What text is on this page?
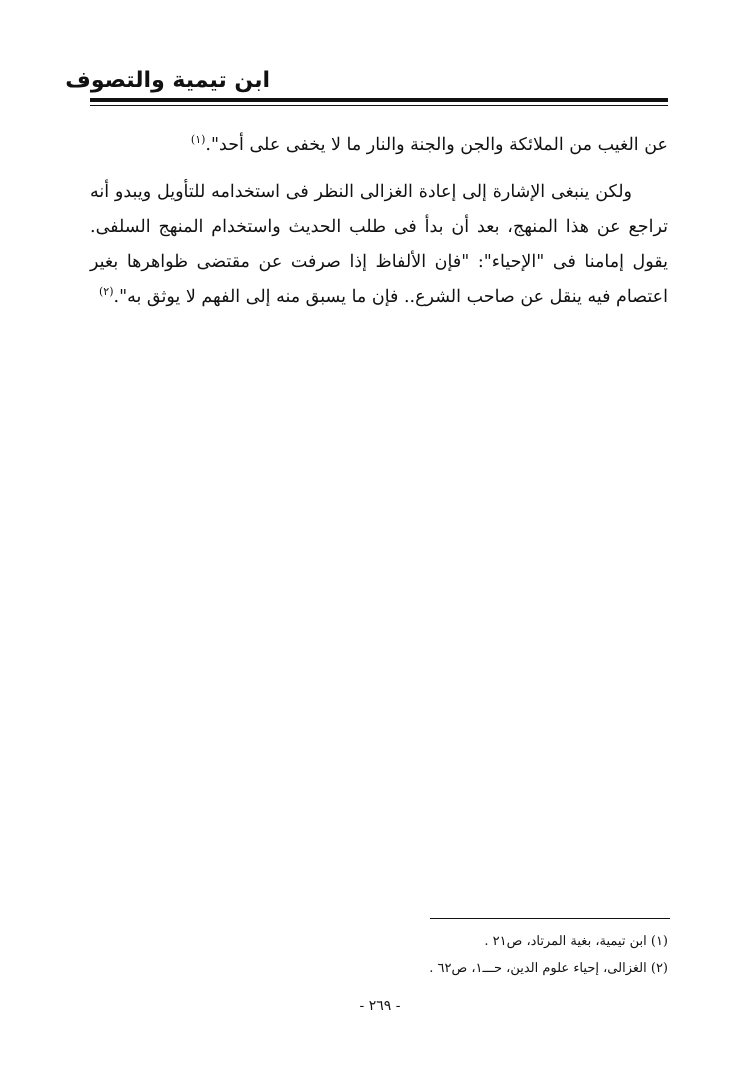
ابن تيمية والتصوف

عن الغيب من الملائكة والجن والجنة والنار ما لا يخفى على أحد".$^{(١)}$

ولكن ينبغى الإشارة إلى إعادة الغزالى النظر فى استخدامه للتأويل ويبدو أنه تراجع عن هذا المنهج، بعد أن بدأ فى طلب الحديث واستخدام المنهج السلفى. يقول إمامنا فى "الإحياء": "فإن الألفاظ إذا صرفت عن مقتضى ظواهرها بغير اعتصام فيه ينقل عن صاحب الشرع.. فإن ما يسبق منه إلى الفهم لا يوثق به".$^{(٢)}$

(١) ابن تيمية، بغية المرتاد، ص٢١ .
(٢) الغزالى، إحياء علوم الدين، حـــ١، ص٦٢ .
- ٢٦٩ -
